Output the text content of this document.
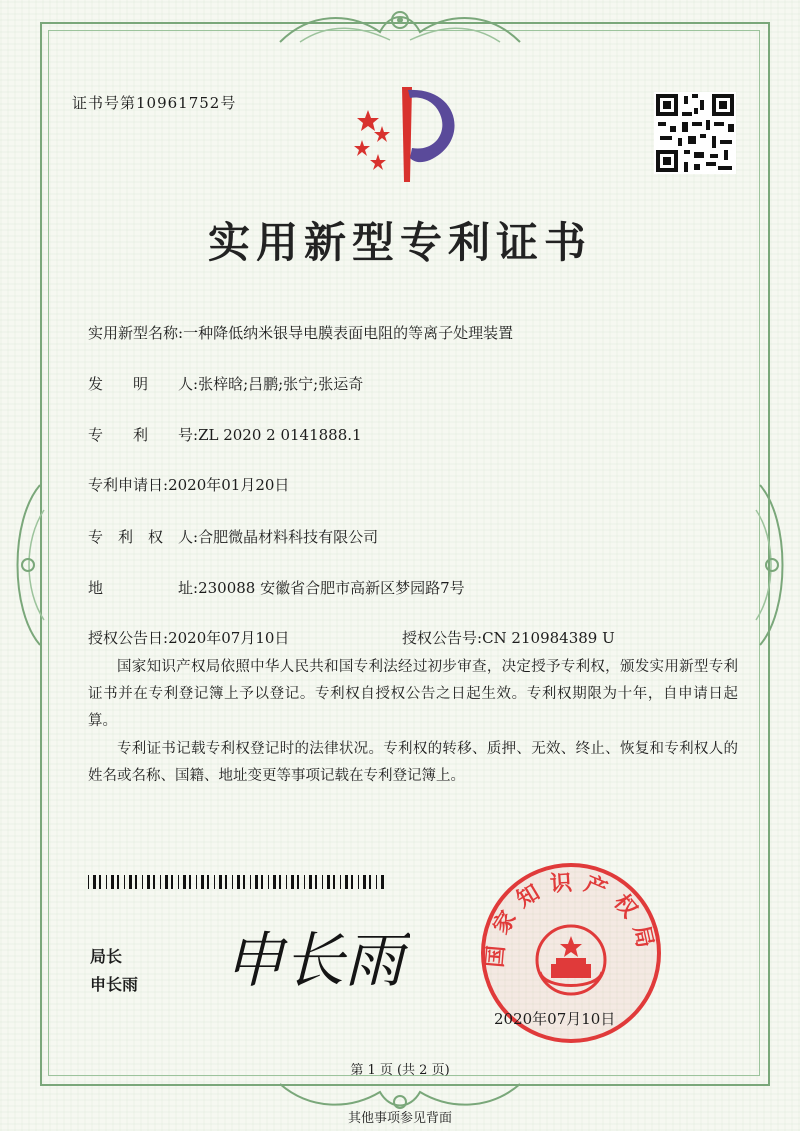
证书号第10961752号
实用新型专利证书
实用新型名称:一种降低纳米银导电膜表面电阻的等离子处理装置
发　　明　　人:张梓晗;吕鹏;张宁;张运奇
专　　利　　号:ZL 2020 2 0141888.1
专利申请日:2020年01月20日
专　利　权　人:合肥微晶材料科技有限公司
地　　　　　址:230088 安徽省合肥市高新区梦园路7号
授权公告日:2020年07月10日	授权公告号:CN 210984389 U
国家知识产权局依照中华人民共和国专利法经过初步审查，决定授予专利权，颁发实用新型专利证书并在专利登记簿上予以登记。专利权自授权公告之日起生效。专利权期限为十年，自申请日起算。
专利证书记载专利权登记时的法律状况。专利权的转移、质押、无效、终止、恢复和专利权人的姓名或名称、国籍、地址变更等事项记载在专利登记簿上。
局长
申长雨 申长雨	国家知识产权局
2020年07月10日
第 1 页 (共 2 页)
其他事项参见背面
